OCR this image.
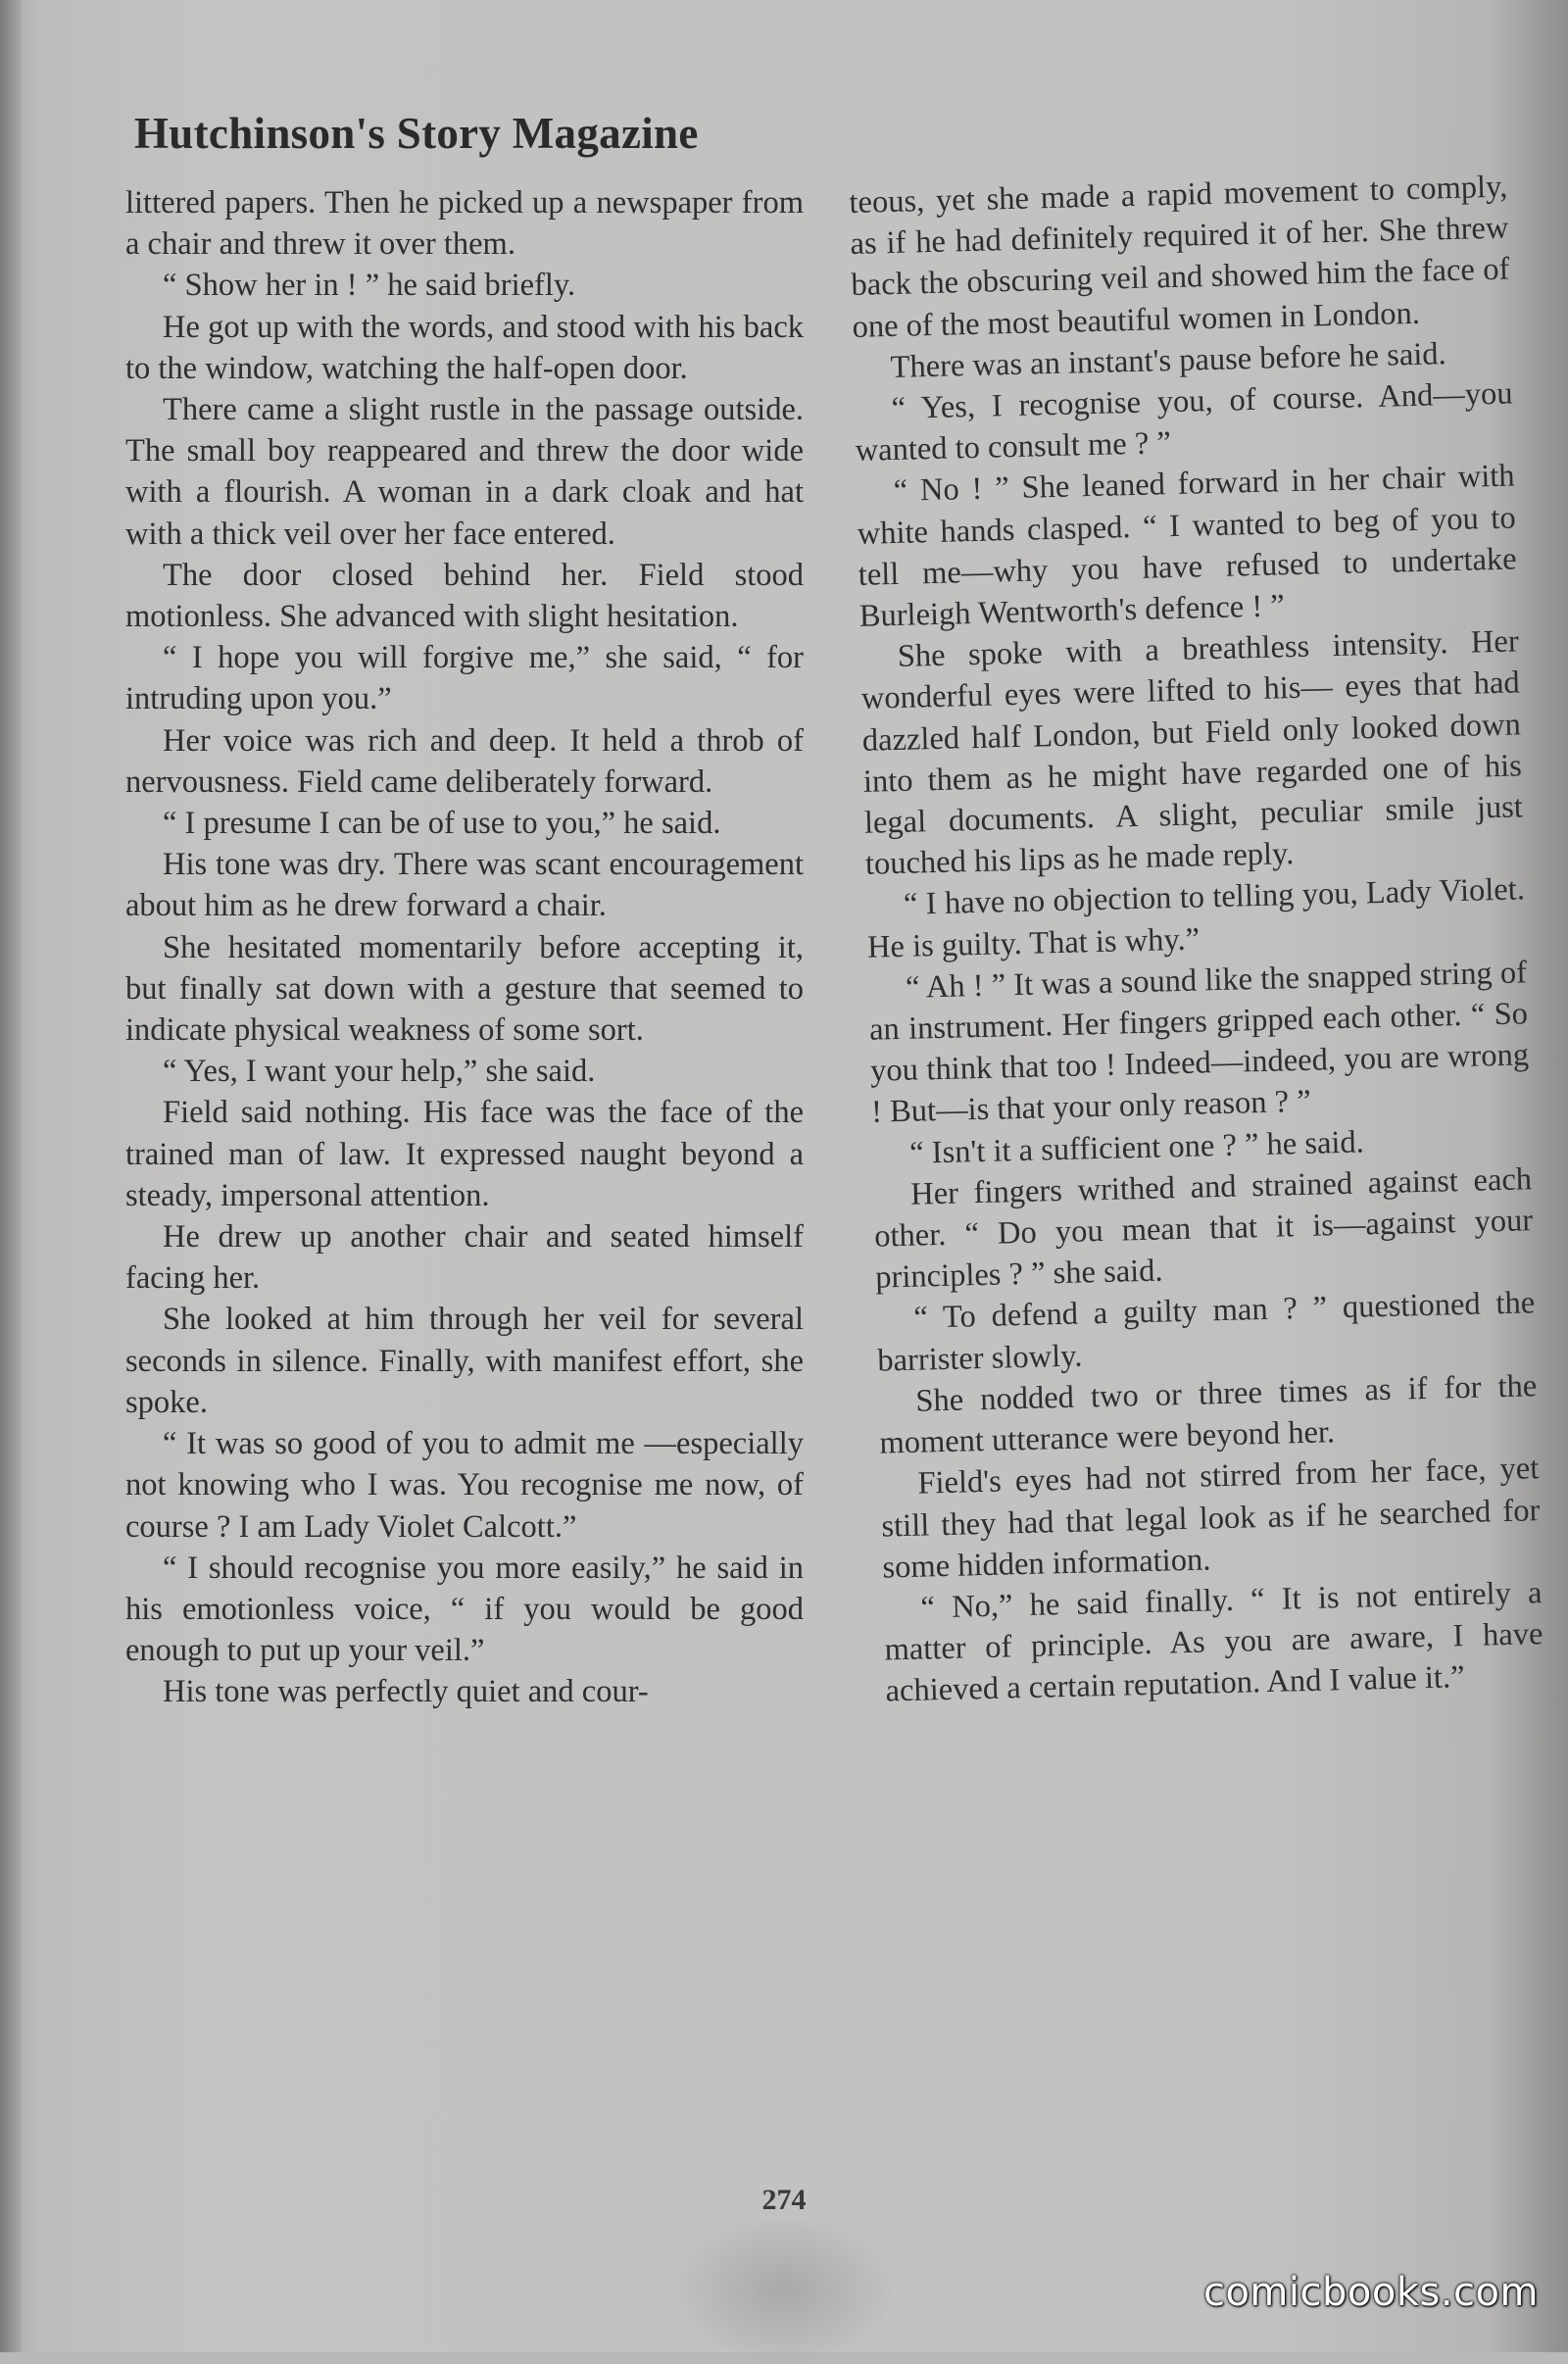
Hutchinson's Story Magazine

littered papers. Then he picked up a newspaper from a chair and threw it over them.

“ Show her in ! ” he said briefly.

He got up with the words, and stood with his back to the window, watching the half-open door.

There came a slight rustle in the passage outside. The small boy reappeared and threw the door wide with a flourish. A woman in a dark cloak and hat with a thick veil over her face entered.

The door closed behind her. Field stood motionless. She advanced with slight hesitation.

“ I hope you will forgive me,” she said, “ for intruding upon you.”

Her voice was rich and deep. It held a throb of nervousness. Field came deliberately forward.

“ I presume I can be of use to you,” he said.

His tone was dry. There was scant encouragement about him as he drew forward a chair.

She hesitated momentarily before accepting it, but finally sat down with a gesture that seemed to indicate physical weakness of some sort.

“ Yes, I want your help,” she said.

Field said nothing. His face was the face of the trained man of law. It expressed naught beyond a steady, impersonal attention.

He drew up another chair and seated himself facing her.

She looked at him through her veil for several seconds in silence. Finally, with manifest effort, she spoke.

“ It was so good of you to admit me —especially not knowing who I was. You recognise me now, of course ? I am Lady Violet Calcott.”

“ I should recognise you more easily,” he said in his emotionless voice, “ if you would be good enough to put up your veil.”

His tone was perfectly quiet and cour-

teous, yet she made a rapid movement to comply, as if he had definitely required it of her. She threw back the obscuring veil and showed him the face of one of the most beautiful women in London.

There was an instant's pause before he said.

“ Yes, I recognise you, of course. And—you wanted to consult me ? ”

“ No ! ” She leaned forward in her chair with white hands clasped. “ I wanted to beg of you to tell me—why you have refused to undertake Burleigh Wentworth's defence ! ”

She spoke with a breathless intensity. Her wonderful eyes were lifted to his— eyes that had dazzled half London, but Field only looked down into them as he might have regarded one of his legal documents. A slight, peculiar smile just touched his lips as he made reply.

“ I have no objection to telling you, Lady Violet. He is guilty. That is why.”

“ Ah ! ” It was a sound like the snapped string of an instrument. Her fingers gripped each other. “ So you think that too ! Indeed—indeed, you are wrong ! But—is that your only reason ? ”

“ Isn't it a sufficient one ? ” he said.

Her fingers writhed and strained against each other. “ Do you mean that it is—against your principles ? ” she said.

“ To defend a guilty man ? ” questioned the barrister slowly.

She nodded two or three times as if for the moment utterance were beyond her.

Field's eyes had not stirred from her face, yet still they had that legal look as if he searched for some hidden information.

“ No,” he said finally. “ It is not entirely a matter of principle. As you are aware, I have achieved a certain reputation. And I value it.”

274
comicbooks.com
